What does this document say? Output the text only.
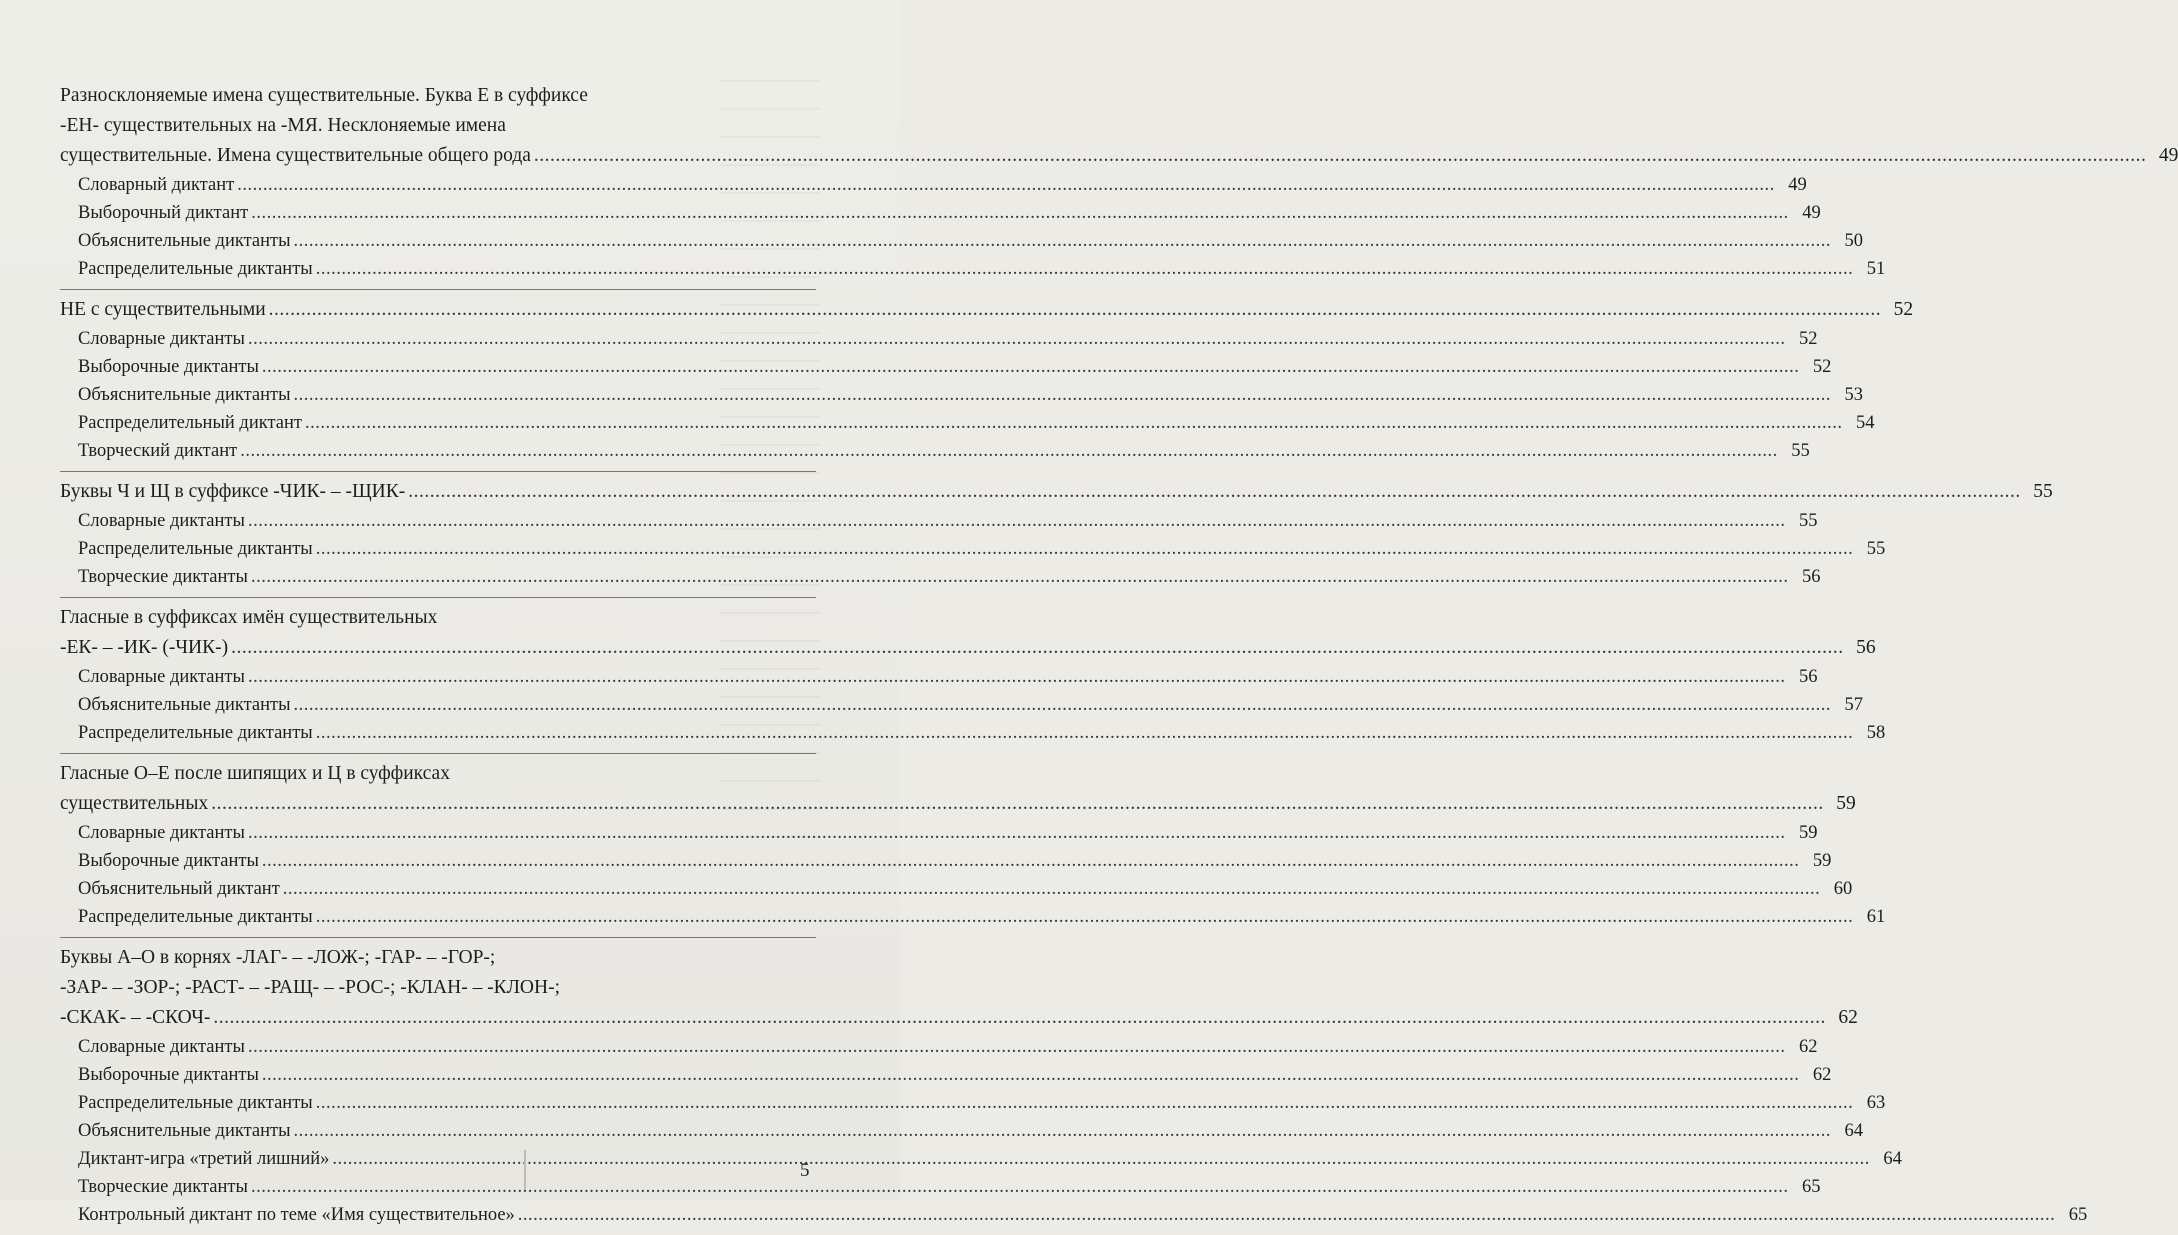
Разносклоняемые имена существительные. Буква Е в суффиксе
-ЕН- существительных на -МЯ. Несклоняемые имена
существительные. Имена существительные общего рода .....	49
Словарный диктант .....	49
Выборочный диктант .....	49
Объяснительные диктанты .....	50
Распределительные диктанты .....	51
НЕ с существительными .....	52
Словарные диктанты .....	52
Выборочные диктанты .....	52
Объяснительные диктанты .....	53
Распределительный диктант .....	54
Творческий диктант .....	55
Буквы Ч и Щ в суффиксе -ЧИК- – -ЩИК- .....	55
Словарные диктанты .....	55
Распределительные диктанты .....	55
Творческие диктанты .....	56
Гласные в суффиксах имён существительных
-ЕК- – -ИК- (-ЧИК-) .....	56
Словарные диктанты .....	56
Объяснительные диктанты .....	57
Распределительные диктанты .....	58
Гласные О–Е после шипящих и Ц в суффиксах
существительных .....	59
Словарные диктанты .....	59
Выборочные диктанты .....	59
Объяснительный диктант .....	60
Распределительные диктанты .....	61
Буквы А–О в корнях -ЛАГ- – -ЛОЖ-; -ГАР- – -ГОР-;
-ЗАР- – -ЗОР-; -РАСТ- – -РАЩ- – -РОС-; -КЛАН- – -КЛОН-;
-СКАК- – -СКОЧ- .....	62
Словарные диктанты .....	62
Выборочные диктанты .....	62
Распределительные диктанты .....	63
Объяснительные диктанты .....	64
Диктант-игра «третий лишний» .....	64
Творческие диктанты .....	65
Контрольный диктант по теме «Имя существительное» .....	65
5
